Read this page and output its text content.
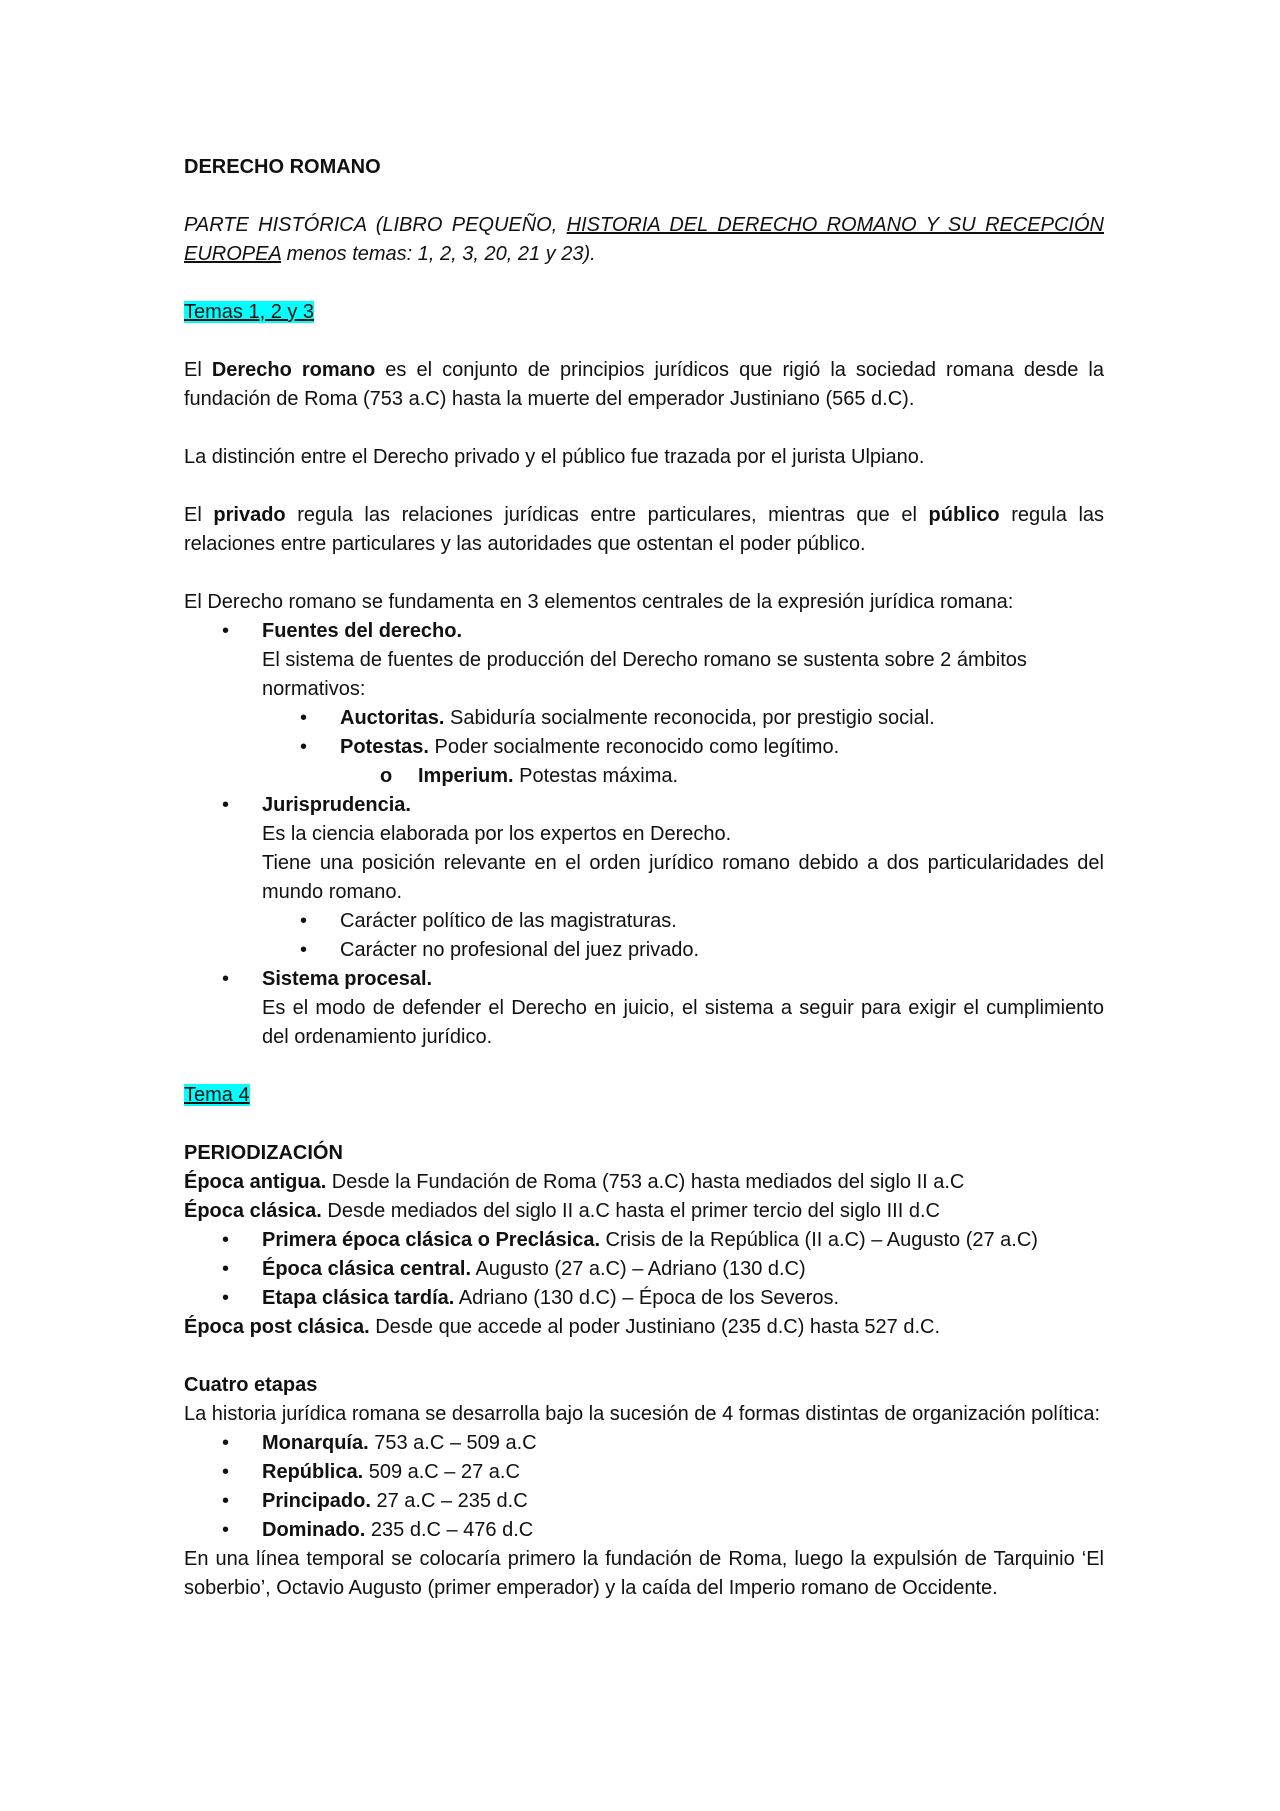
DERECHO ROMANO

PARTE HISTÓRICA (LIBRO PEQUEÑO, HISTORIA DEL DERECHO ROMANO Y SU RECEPCIÓN EUROPEA menos temas: 1, 2, 3, 20, 21 y 23).

Temas 1, 2 y 3

El Derecho romano es el conjunto de principios jurídicos que rigió la sociedad romana desde la fundación de Roma (753 a.C) hasta la muerte del emperador Justiniano (565 d.C).

La distinción entre el Derecho privado y el público fue trazada por el jurista Ulpiano.

El privado regula las relaciones jurídicas entre particulares, mientras que el público regula las relaciones entre particulares y las autoridades que ostentan el poder público.

El Derecho romano se fundamenta en 3 elementos centrales de la expresión jurídica romana:

• Fuentes del derecho.

El sistema de fuentes de producción del Derecho romano se sustenta sobre 2 ámbitos normativos:

• Auctoritas. Sabiduría socialmente reconocida, por prestigio social.
• Potestas. Poder socialmente reconocido como legítimo.
o Imperium. Potestas máxima.
• Jurisprudencia.

Es la ciencia elaborada por los expertos en Derecho.

Tiene una posición relevante en el orden jurídico romano debido a dos particularidades del mundo romano.

• Carácter político de las magistraturas.
• Carácter no profesional del juez privado.
• Sistema procesal.

Es el modo de defender el Derecho en juicio, el sistema a seguir para exigir el cumplimiento del ordenamiento jurídico.

Tema 4

PERIODIZACIÓN

Época antigua. Desde la Fundación de Roma (753 a.C) hasta mediados del siglo II a.C

Época clásica. Desde mediados del siglo II a.C hasta el primer tercio del siglo III d.C

• Primera época clásica o Preclásica. Crisis de la República (II a.C) – Augusto (27 a.C)
• Época clásica central. Augusto (27 a.C) – Adriano (130 d.C)
• Etapa clásica tardía. Adriano (130 d.C) – Época de los Severos.

Época post clásica. Desde que accede al poder Justiniano (235 d.C) hasta 527 d.C.

Cuatro etapas

La historia jurídica romana se desarrolla bajo la sucesión de 4 formas distintas de organización política:

• Monarquía. 753 a.C – 509 a.C
• República. 509 a.C – 27 a.C
• Principado. 27 a.C – 235 d.C
• Dominado. 235 d.C – 476 d.C

En una línea temporal se colocaría primero la fundación de Roma, luego la expulsión de Tarquinio ‘El soberbio’, Octavio Augusto (primer emperador) y la caída del Imperio romano de Occidente.
